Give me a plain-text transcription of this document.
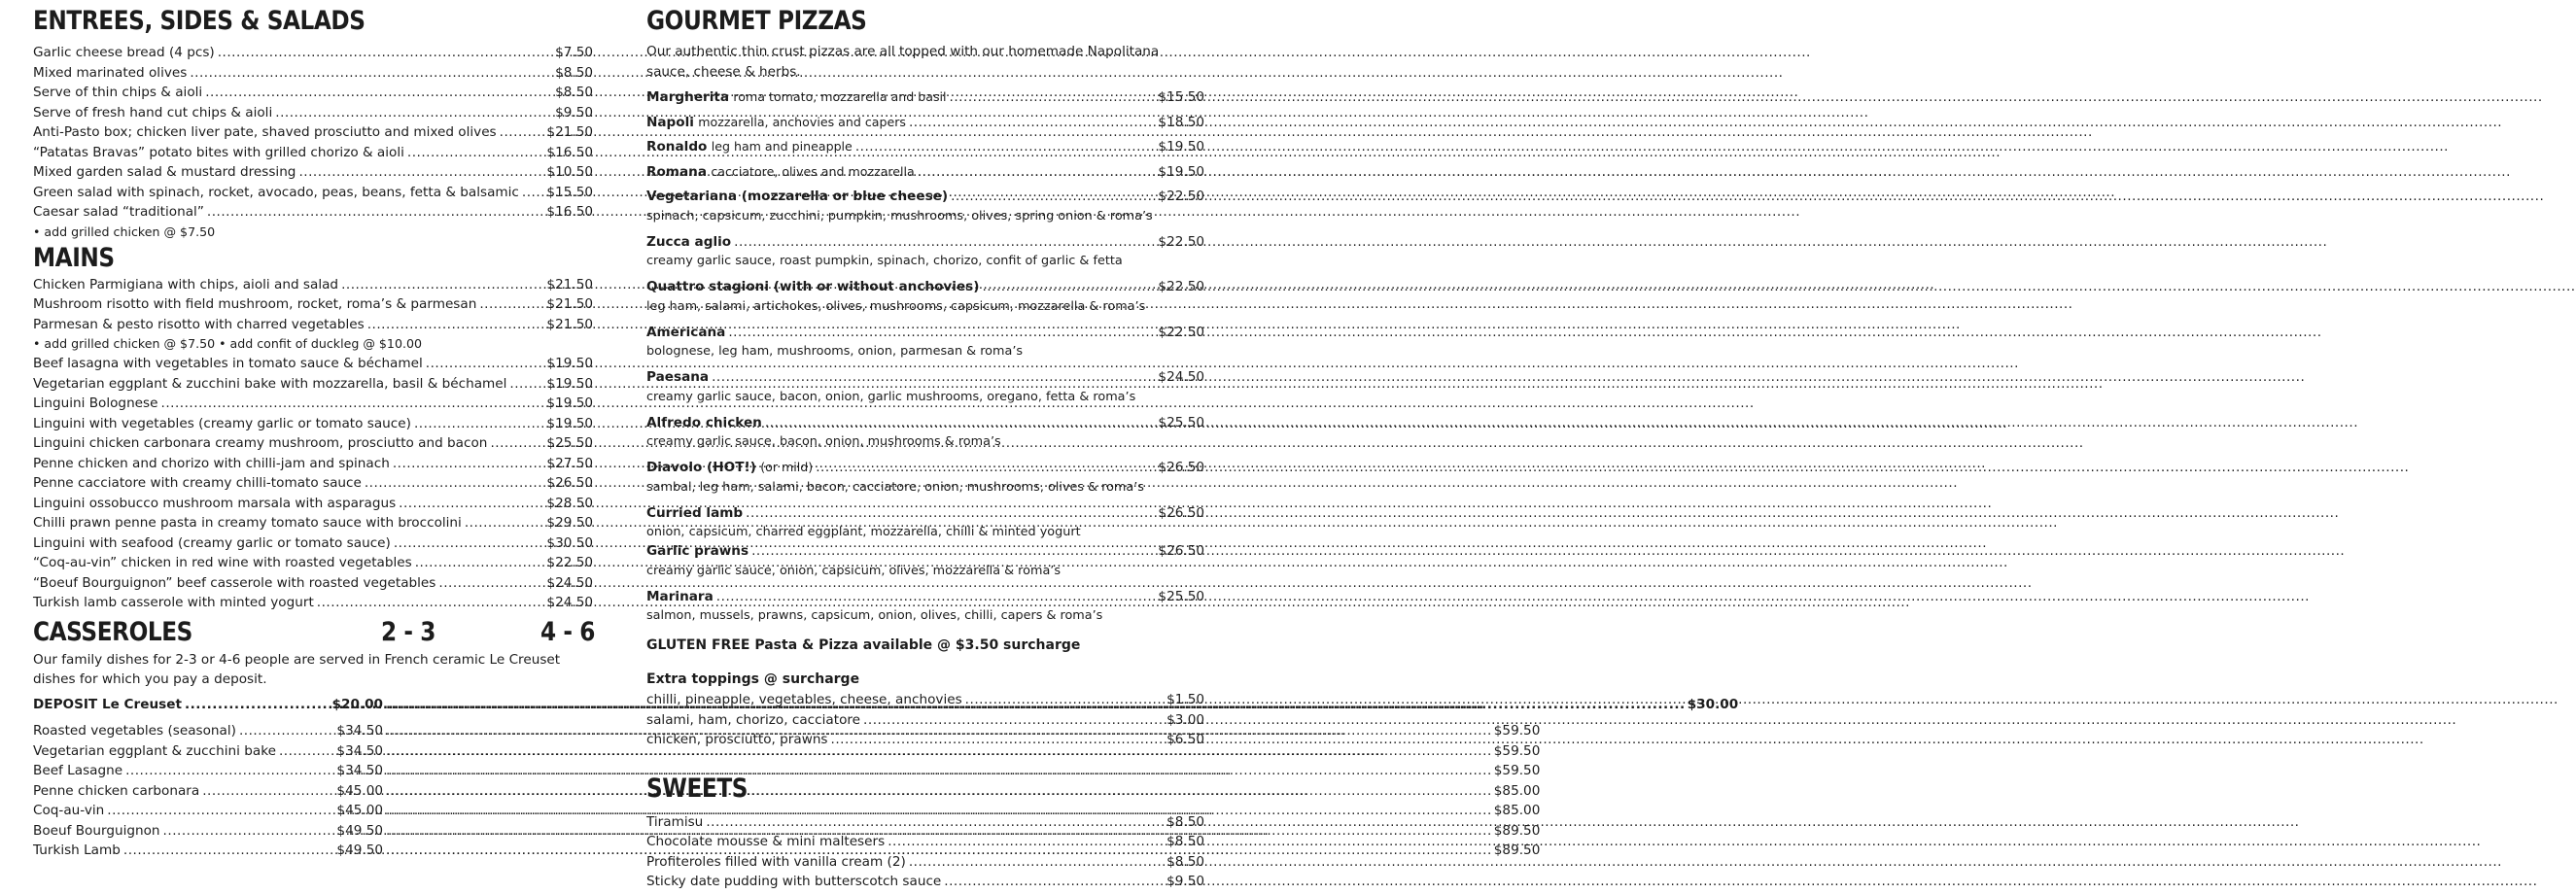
ENTREES, SIDES & SALADS
Garlic cheese bread (4 pcs) .....	$7.50
Mixed marinated olives .....	$8.50
Serve of thin chips & aioli .....	$8.50
Serve of fresh hand cut chips & aioli .....	$9.50
Anti-Pasto box; chicken liver pate, shaved prosciutto and mixed olives .....	$21.50
“Patatas Bravas” potato bites with grilled chorizo & aioli .....	$16.50
Mixed garden salad & mustard dressing .....	$10.50
Green salad with spinach, rocket, avocado, peas, beans, fetta & balsamic ..... $15.50
Caesar salad “traditional” .....	$16.50
• add grilled chicken @ $7.50
MAINS
Chicken Parmigiana with chips, aioli and salad .....	$21.50
Mushroom risotto with field mushroom, rocket, roma’s & parmesan .....	$21.50
Parmesan & pesto risotto with charred vegetables .....	$21.50
• add grilled chicken @ $7.50 • add confit of duckleg @ $10.00
Beef lasagna with vegetables in tomato sauce & béchamel .....	$19.50
Vegetarian eggplant & zucchini bake with mozzarella, basil & béchamel .....	$19.50
Linguini Bolognese .....	$19.50
Linguini with vegetables (creamy garlic or tomato sauce) .....	$19.50
Linguini chicken carbonara creamy mushroom, prosciutto and bacon .....	$25.50
Penne chicken and chorizo with chilli-jam and spinach .....	$27.50
Penne cacciatore with creamy chilli-tomato sauce .....	$26.50
Linguini ossobucco mushroom marsala with asparagus .....	$28.50
Chilli prawn penne pasta in creamy tomato sauce with broccolini .....	$29.50
Linguini with seafood (creamy garlic or tomato sauce) .....	$30.50
“Coq-au-vin” chicken in red wine with roasted vegetables .....	$22.50
“Boeuf Bourguignon” beef casserole with roasted vegetables .....	$24.50
Turkish lamb casserole with minted yogurt .....	$24.50
CASSEROLES	2 - 3	4 - 6
Our family dishes for 2-3 or 4-6 people are served in French ceramic Le Creuset dishes for which you pay a deposit.
DEPOSIT Le Creuset .....	$20.00 .....	$30.00
Roasted vegetables (seasonal) .....	$34.50 .....	$59.50
Vegetarian eggplant & zucchini bake .....	$34.50 .....	$59.50
Beef Lasagne .....	$34.50 .....	$59.50
Penne chicken carbonara .....	$45.00 .....	$85.00
Coq-au-vin .....	$45.00 .....	$85.00
Boeuf Bourguignon .....	$49.50 .....	$89.50
Turkish Lamb .....	$49.50 .....	$89.50
GOURMET PIZZAS
Our authentic thin crust pizzas are all topped with our homemade Napolitana sauce, cheese & herbs.
Margherita roma tomato, mozzarella and basil .....	$15.50
Napoli mozzarella, anchovies and capers .....	$18.50
Ronaldo leg ham and pineapple .....	$19.50
Romana cacciatore, olives and mozzarella .....	$19.50
Vegetariana (mozzarella or blue cheese) .....	$22.50
spinach, capsicum, zucchini, pumpkin, mushrooms, olives, spring onion & roma’s
Zucca aglio .....	$22.50
creamy garlic sauce, roast pumpkin, spinach, chorizo, confit of garlic & fetta
Quattro stagioni (with or without anchovies) .....	$22.50
leg ham, salami, artichokes, olives, mushrooms, capsicum, mozzarella & roma’s
Americana .....	$22.50
bolognese, leg ham, mushrooms, onion, parmesan & roma’s
Paesana .....	$24.50
creamy garlic sauce, bacon, onion, garlic mushrooms, oregano, fetta & roma’s
Alfredo chicken .....	$25.50
creamy garlic sauce, bacon, onion, mushrooms & roma’s
Diavolo (HOT!) (or mild) .....	$26.50
sambal, leg ham, salami, bacon, cacciatore, onion, mushrooms, olives & roma’s
Curried lamb .....	$26.50
onion, capsicum, charred eggplant, mozzarella, chilli & minted yogurt
Garlic prawns .....	$26.50
creamy garlic sauce, onion, capsicum, olives, mozzarella & roma’s
Marinara .....	$25.50
salmon, mussels, prawns, capsicum, onion, olives, chilli, capers & roma’s
GLUTEN FREE Pasta & Pizza available @ $3.50 surcharge
Extra toppings @ surcharge
chilli, pineapple, vegetables, cheese, anchovies .....	$1.50
salami, ham, chorizo, cacciatore .....	$3.00
chicken, prosciutto, prawns .....	$6.50
SWEETS
Tiramisu .....	$8.50
Chocolate mousse & mini maltesers .....	$8.50
Profiteroles filled with vanilla cream (2) .....	$8.50
Sticky date pudding with butterscotch sauce .....	$9.50
